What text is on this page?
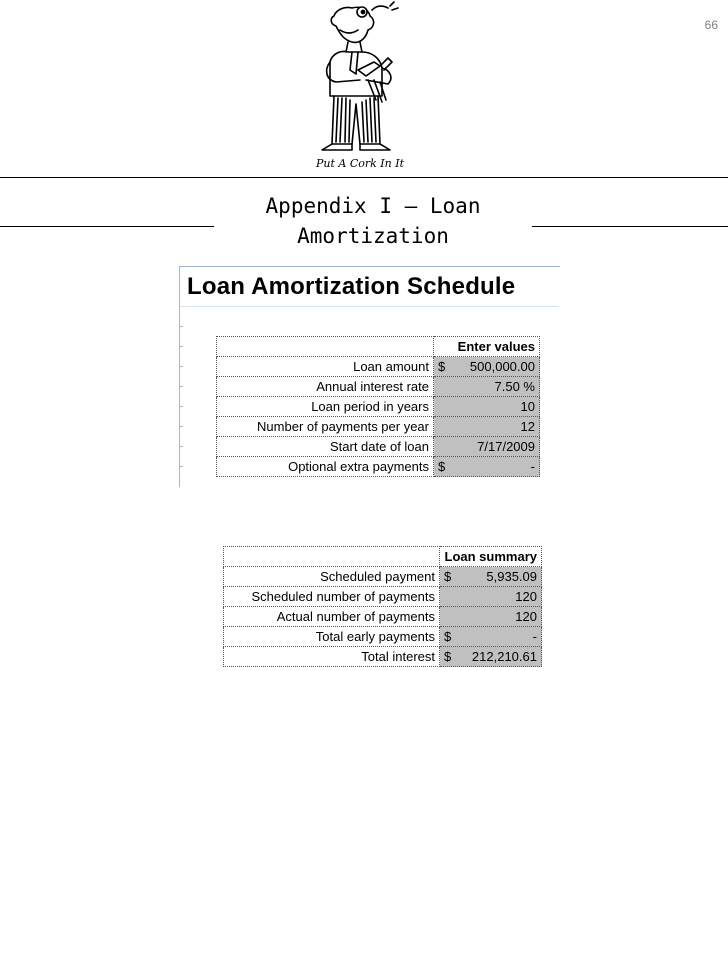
66
Put A Cork In It
Appendix I – Loan Amortization
Loan Amortization Schedule
	Enter values
Loan amount	$ 500,000.00

Annual interest rate	7.50 %

Loan period in years	10

Number of payments per year	12

Start date of loan	7/17/2009

Optional extra payments	$ -
	Loan summary
Scheduled payment	$ 5,935.09

Scheduled number of payments	120

Actual number of payments	120

Total early payments	$ -

Total interest	$ 212,210.61
